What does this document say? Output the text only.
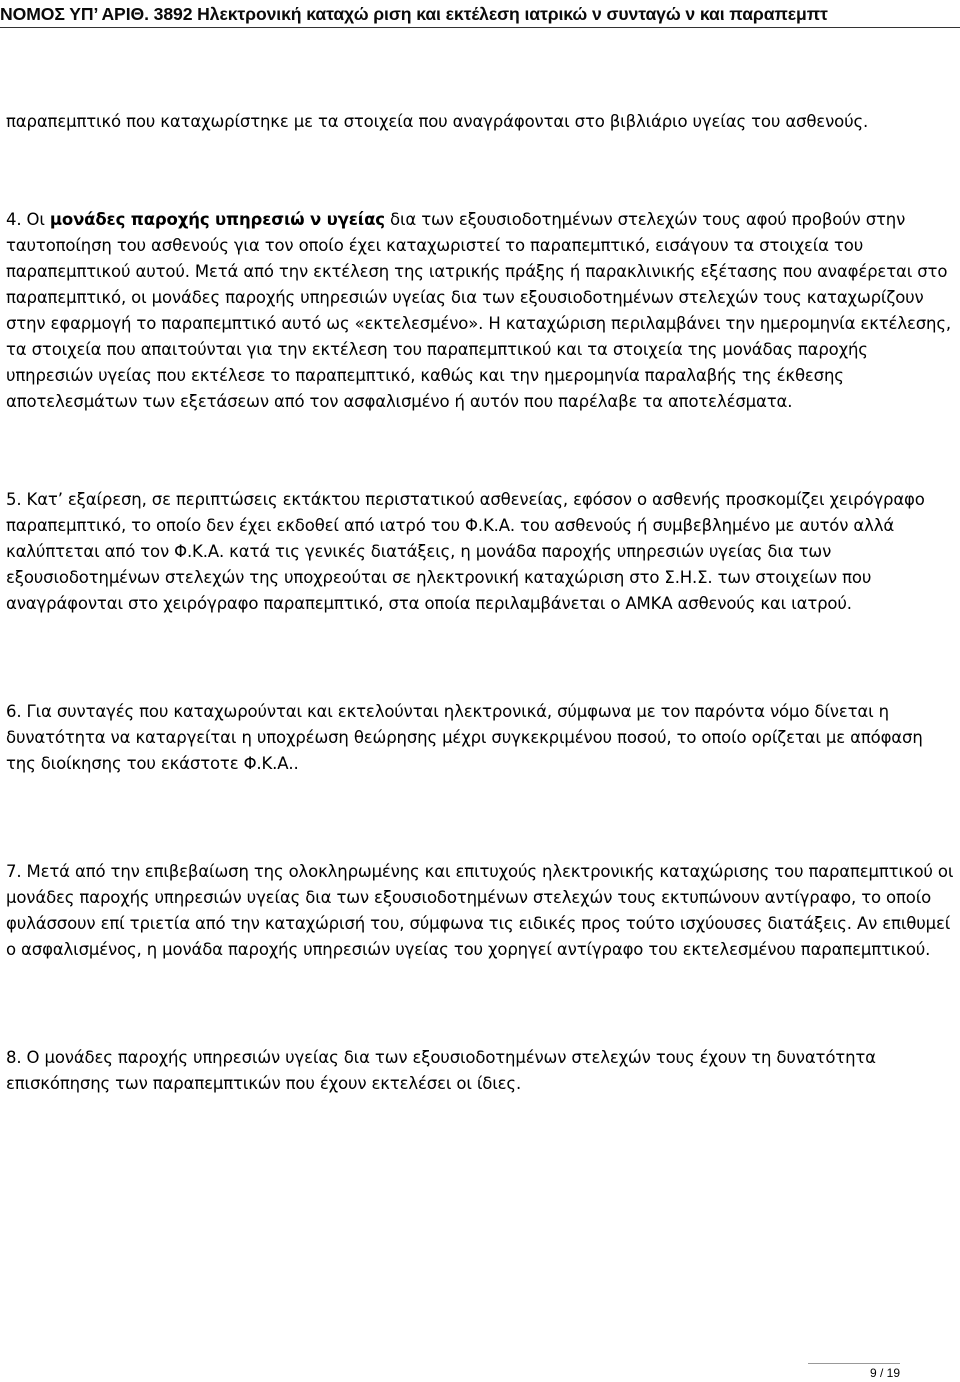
ΝΟΜΟΣ ΥΠ’ ΑΡΙΘ. 3892 Ηλεκτρονική καταχώ ριση και εκτέλεση ιατρικώ ν συνταγώ ν και παραπεμπτ

παραπεμπτικό που καταχωρίστηκε με τα στοιχεία που αναγράφονται στο βιβλιάριο υγείας του ασθενούς.

4. Οι μονάδες παροχής υπηρεσιώ ν υγείας δια των εξουσιοδοτημένων στελεχών τους αφού προβούν στην ταυτοποίηση του ασθενούς για τον οποίο έχει καταχωριστεί το παραπεμπτικό, εισάγουν τα στοιχεία του παραπεμπτικού αυτού. Μετά από την εκτέλεση της ιατρικής πράξης ή παρακλινικής εξέτασης που αναφέρεται στο παραπεμπτικό, οι μονάδες παροχής υπηρεσιών υγείας δια των εξουσιοδοτημένων στελεχών τους καταχωρίζουν στην εφαρμογή το παραπεμπτικό αυτό ως «εκτελεσμένο». Η καταχώριση περιλαμβάνει την ημερομηνία εκτέλεσης, τα στοιχεία που απαιτούνται για την εκτέλεση του παραπεμπτικού και τα στοιχεία της μονάδας παροχής υπηρεσιών υγείας που εκτέλεσε το παραπεμπτικό, καθώς και την ημερομηνία παραλαβής της έκθεσης αποτελεσμάτων των εξετάσεων από τον ασφαλισμένο ή αυτόν που παρέλαβε τα αποτελέσματα.

5. Κατ’ εξαίρεση, σε περιπτώσεις εκτάκτου περιστατικού ασθενείας, εφόσον ο ασθενής προσκομίζει χειρόγραφο παραπεμπτικό, το οποίο δεν έχει εκδοθεί από ιατρό του Φ.Κ.Α. του ασθενούς ή συμβεβλημένο με αυτόν αλλά καλύπτεται από τον Φ.Κ.Α. κατά τις γενικές διατάξεις, η μονάδα παροχής υπηρεσιών υγείας δια των εξουσιοδοτημένων στελεχών της υποχρεούται σε ηλεκτρονική καταχώριση στο Σ.Η.Σ. των στοιχείων που αναγράφονται στο χειρόγραφο παραπεμπτικό, στα οποία περιλαμβάνεται ο ΑΜΚΑ ασθενούς και ιατρού.

6. Για συνταγές που καταχωρούνται και εκτελούνται ηλεκτρονικά, σύμφωνα με τον παρόντα νόμο δίνεται η δυνατότητα να καταργείται η υποχρέωση θεώρησης μέχρι συγκεκριμένου ποσού, το οποίο ορίζεται με απόφαση της διοίκησης του εκάστοτε Φ.Κ.Α..

7. Μετά από την επιβεβαίωση της ολοκληρωμένης και επιτυχούς ηλεκτρονικής καταχώρισης του παραπεμπτικού οι μονάδες παροχής υπηρεσιών υγείας δια των εξουσιοδοτημένων στελεχών τους εκτυπώνουν αντίγραφο, το οποίο φυλάσσουν επί τριετία από την καταχώρισή του, σύμφωνα τις ειδικές προς τούτο ισχύουσες διατάξεις. Αν επιθυμεί ο ασφαλισμένος, η μονάδα παροχής υπηρεσιών υγείας του χορηγεί αντίγραφο του εκτελεσμένου παραπεμπτικού.

8. Ο μονάδες παροχής υπηρεσιών υγείας δια των εξουσιοδοτημένων στελεχών τους έχουν τη δυνατότητα επισκόπησης των παραπεμπτικών που έχουν εκτελέσει οι ίδιες.

9 / 19
